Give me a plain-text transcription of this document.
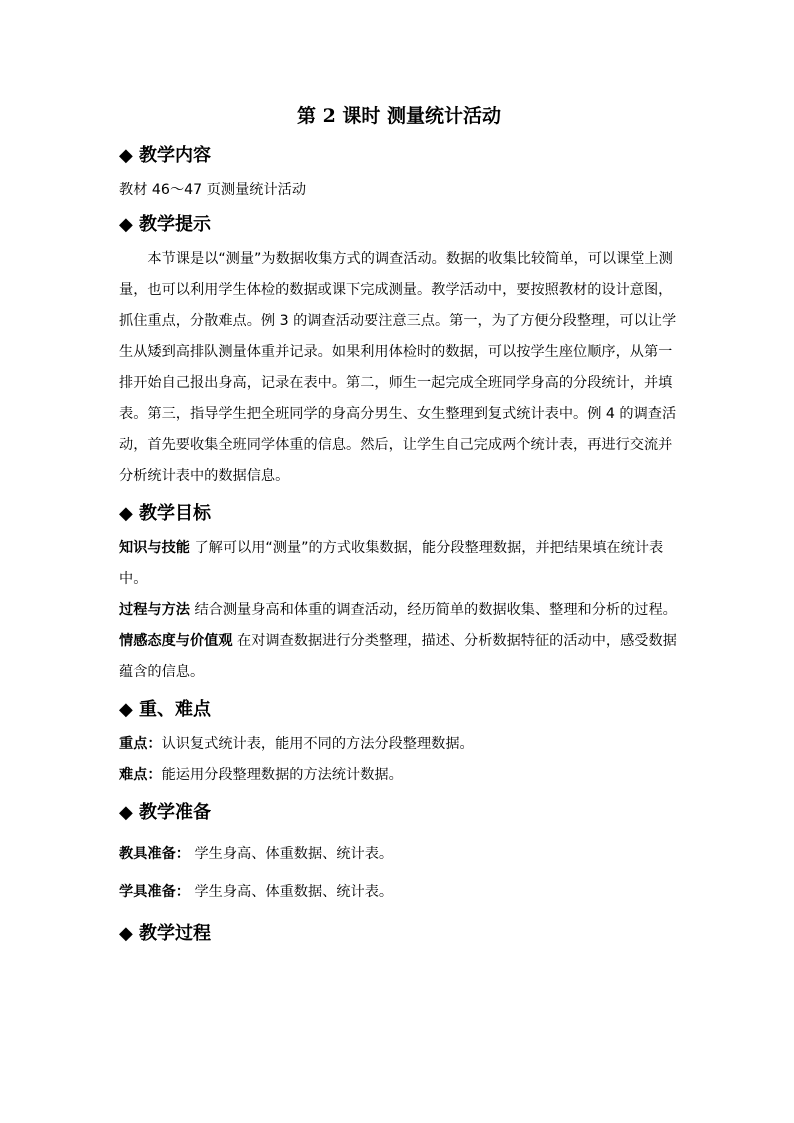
第 2 课时 测量统计活动
◆ 教学内容

教材 46～47 页测量统计活动

◆ 教学提示

本节课是以“测量”为数据收集方式的调查活动。数据的收集比较简单，可以课堂上测量，也可以利用学生体检的数据或课下完成测量。教学活动中，要按照教材的设计意图，抓住重点，分散难点。例 3 的调查活动要注意三点。第一，为了方便分段整理，可以让学生从矮到高排队测量体重并记录。如果利用体检时的数据，可以按学生座位顺序，从第一排开始自己报出身高，记录在表中。第二，师生一起完成全班同学身高的分段统计，并填表。第三，指导学生把全班同学的身高分男生、女生整理到复式统计表中。例 4 的调查活动，首先要收集全班同学体重的信息。然后，让学生自己完成两个统计表，再进行交流并分析统计表中的数据信息。

◆ 教学目标

知识与技能 了解可以用“测量”的方式收集数据，能分段整理数据，并把结果填在统计表中。

过程与方法 结合测量身高和体重的调查活动，经历简单的数据收集、整理和分析的过程。

情感态度与价值观 在对调查数据进行分类整理，描述、分析数据特征的活动中，感受数据蕴含的信息。

◆ 重、难点

重点：认识复式统计表，能用不同的方法分段整理数据。

难点：能运用分段整理数据的方法统计数据。

◆ 教学准备

教具准备： 学生身高、体重数据、统计表。

学具准备： 学生身高、体重数据、统计表。

◆ 教学过程
